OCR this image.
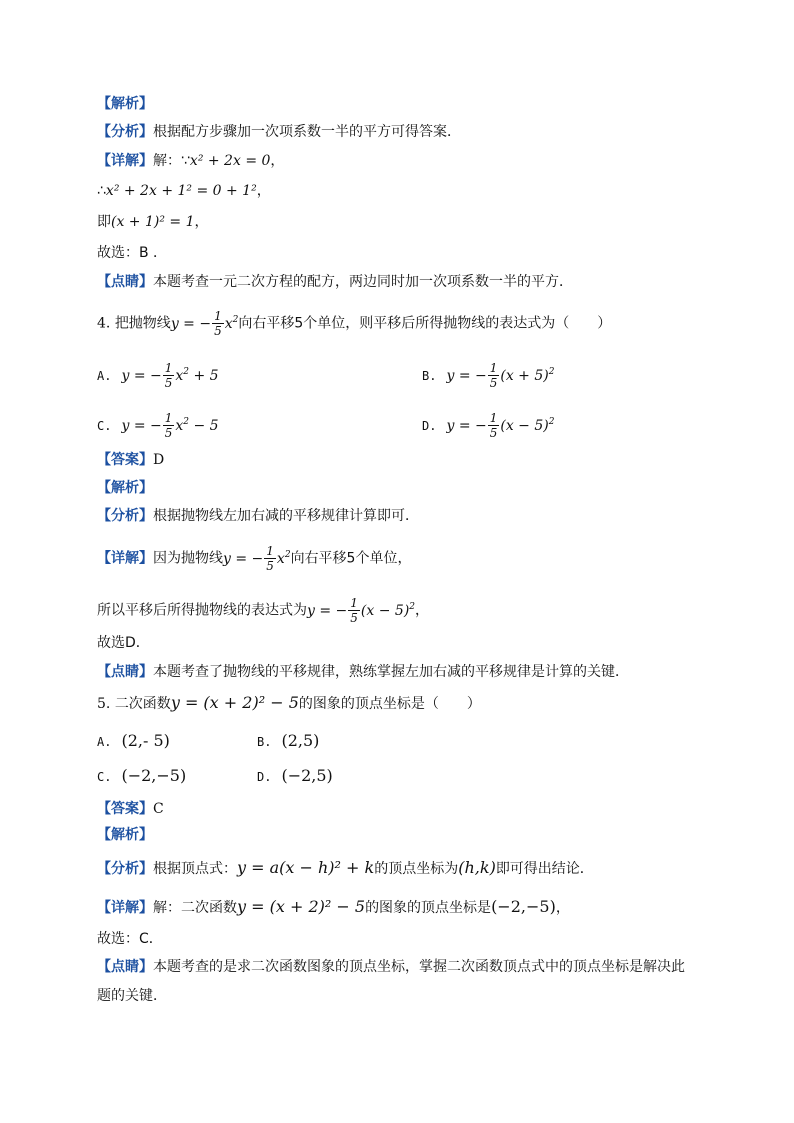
【解析】
【分析】根据配方步骤加一次项系数一半的平方可得答案．
【详解】解：∵x² + 2x = 0，
∴x² + 2x + 1² = 0 + 1²，
即(x + 1)² = 1，
故选：B ．
【点睛】本题考查一元二次方程的配方，两边同时加一次项系数一半的平方．
4. 把抛物线y = − $\frac{1}{5} x^2$向右平移5个单位，则平移后所得抛物线的表达式为（　　）
A. y = − $\frac{1}{5} x^2 + 5$	B. y = − $\frac{1}{5} (x + 5)^2$
C. y = − $\frac{1}{5} x^2 - 5$	D. y = − $\frac{1}{5} (x - 5)^2$
【答案】D
【解析】
【分析】根据抛物线左加右减的平移规律计算即可．
【详解】因为抛物线y = − $\frac{1}{5} x^2$向右平移5个单位，
所以平移后所得抛物线的表达式为y = − $\frac{1}{5} (x - 5)^2$，
故选D．
【点睛】本题考查了抛物线的平移规律，熟练掌握左加右减的平移规律是计算的关键．
5. 二次函数y = (x + 2)² − 5的图象的顶点坐标是（　　）
A. (2,- 5)	B. (2,5)
C. (−2,−5)	D. (−2,5)
【答案】C
【解析】
【分析】根据顶点式：y = a(x − h)² + k的顶点坐标为(h,k)即可得出结论．
【详解】解：二次函数y = (x + 2)² − 5的图象的顶点坐标是(−2,−5)，
故选：C．
【点睛】本题考查的是求二次函数图象的顶点坐标，掌握二次函数顶点式中的顶点坐标是解决此
题的关键．
